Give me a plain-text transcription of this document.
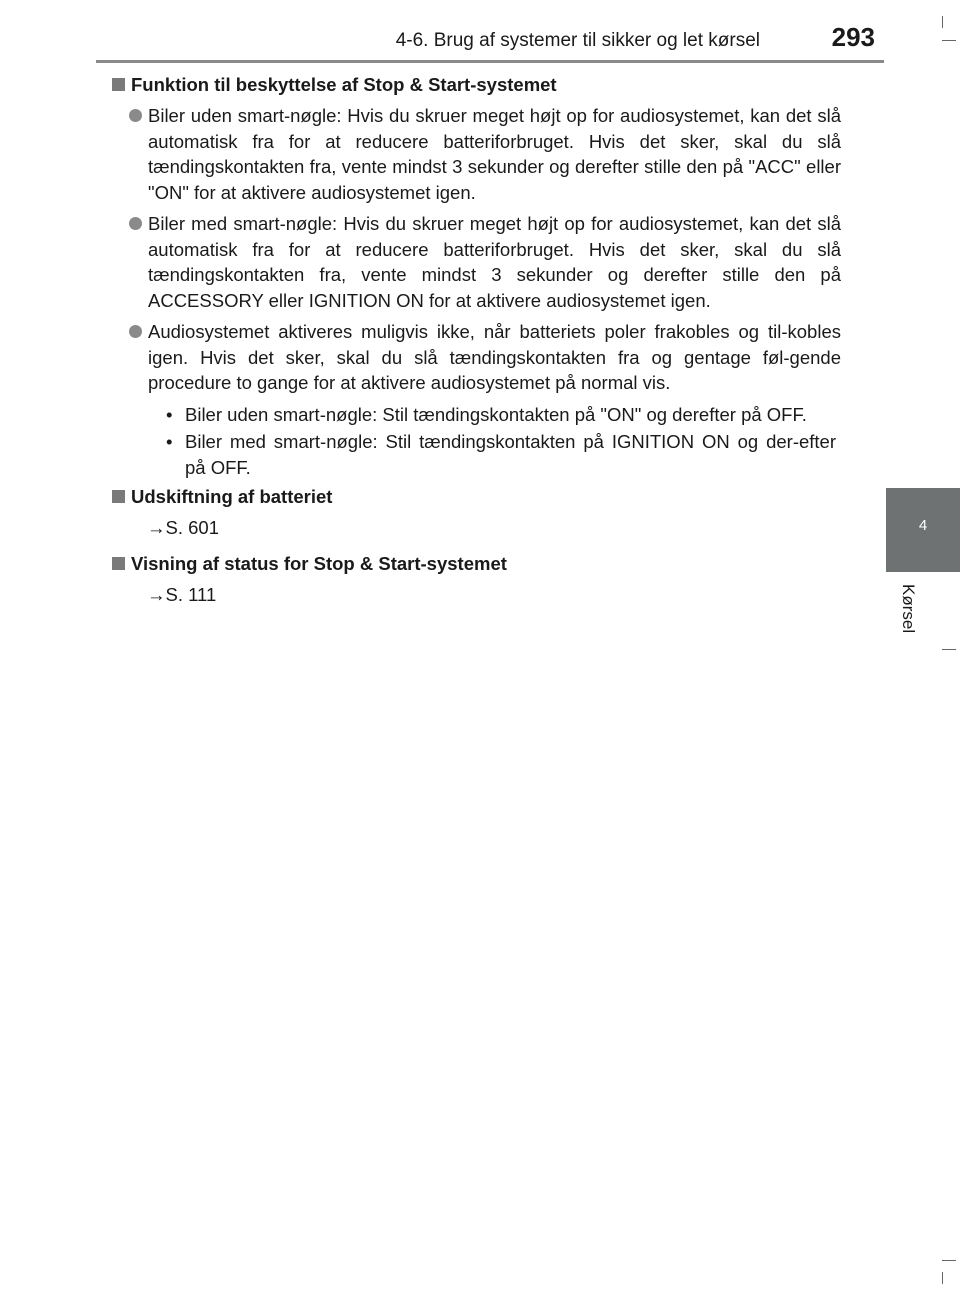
4-6. Brug af systemer til sikker og let kørsel	293
4
Kørsel
Funktion til beskyttelse af Stop & Start-systemet
Biler uden smart-nøgle: Hvis du skruer meget højt op for audiosystemet, kan det slå automatisk fra for at reducere batteriforbruget. Hvis det sker, skal du slå tændingskontakten fra, vente mindst 3 sekunder og derefter stille den på "ACC" eller "ON" for at aktivere audiosystemet igen.
Biler med smart-nøgle: Hvis du skruer meget højt op for audiosystemet, kan det slå automatisk fra for at reducere batteriforbruget. Hvis det sker, skal du slå tændingskontakten fra, vente mindst 3 sekunder og derefter stille den på ACCESSORY eller IGNITION ON for at aktivere audiosystemet igen.
Audiosystemet aktiveres muligvis ikke, når batteriets poler frakobles og til-kobles igen. Hvis det sker, skal du slå tændingskontakten fra og gentage føl-gende procedure to gange for at aktivere audiosystemet på normal vis.
• Biler uden smart-nøgle: Stil tændingskontakten på "ON" og derefter på OFF.
• Biler med smart-nøgle: Stil tændingskontakten på IGNITION ON og der-efter på OFF.
Udskiftning af batteriet
→S. 601
Visning af status for Stop & Start-systemet
→S. 111
